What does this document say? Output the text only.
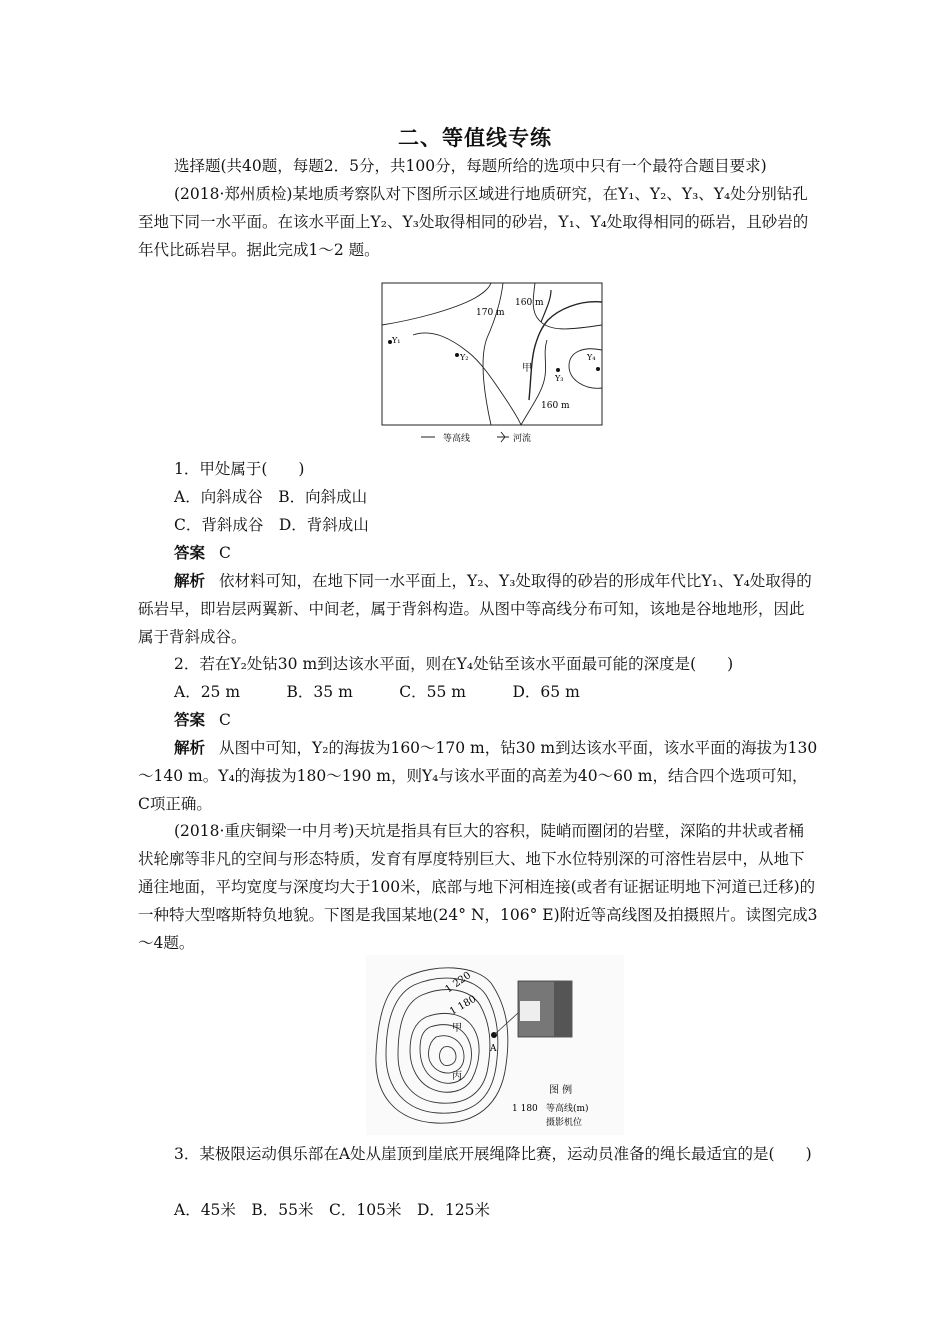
二、等值线专练
选择题(共40题，每题2．5分，共100分，每题所给的选项中只有一个最符合题目要求)
(2018·郑州质检)某地质考察队对下图所示区域进行地质研究，在Y₁、Y₂、Y₃、Y₄处分别钻孔至地下同一水平面。在该水平面上Y₂、Y₃处取得相同的砂岩，Y₁、Y₄处取得相同的砾岩，且砂岩的年代比砾岩早。据此完成1～2 题。
170 m
160 m
160 m
Y₁
Y₂
Y₃
Y₄
甲
等高线	河流
1．甲处属于(　　)
A．向斜成谷　B．向斜成山
C．背斜成谷　D．背斜成山
答案 C
解析 依材料可知，在地下同一水平面上，Y₂、Y₃处取得的砂岩的形成年代比Y₁、Y₄处取得的砾岩早，即岩层两翼新、中间老，属于背斜构造。从图中等高线分布可知，该地是谷地地形，因此属于背斜成谷。
2．若在Y₂处钻30 m到达该水平面，则在Y₄处钻至该水平面最可能的深度是(　　)
A．25 m　　　B．35 m　　　C．55 m　　　D．65 m
答案 C
解析 从图中可知，Y₂的海拔为160～170 m，钻30 m到达该水平面，该水平面的海拔为130～140 m。Y₄的海拔为180～190 m，则Y₄与该水平面的高差为40～60 m，结合四个选项可知，C项正确。
(2018·重庆铜梁一中月考)天坑是指具有巨大的容积，陡峭而圈闭的岩壁，深陷的井状或者桶状轮廓等非凡的空间与形态特质，发育有厚度特别巨大、地下水位特别深的可溶性岩层中，从地下通往地面，平均宽度与深度均大于100米，底部与地下河相连接(或者有证据证明地下河道已迁移)的一种特大型喀斯特负地貌。下图是我国某地(24° N，106° E)附近等高线图及拍摄照片。读图完成3～4题。
1 220
1 180
甲
丙
A
图 例
1 180 等高线(m)
摄影机位
3．某极限运动俱乐部在A处从崖顶到崖底开展绳降比赛，运动员准备的绳长最适宜的是(　　)
A．45米　B．55米　C．105米　D．125米
